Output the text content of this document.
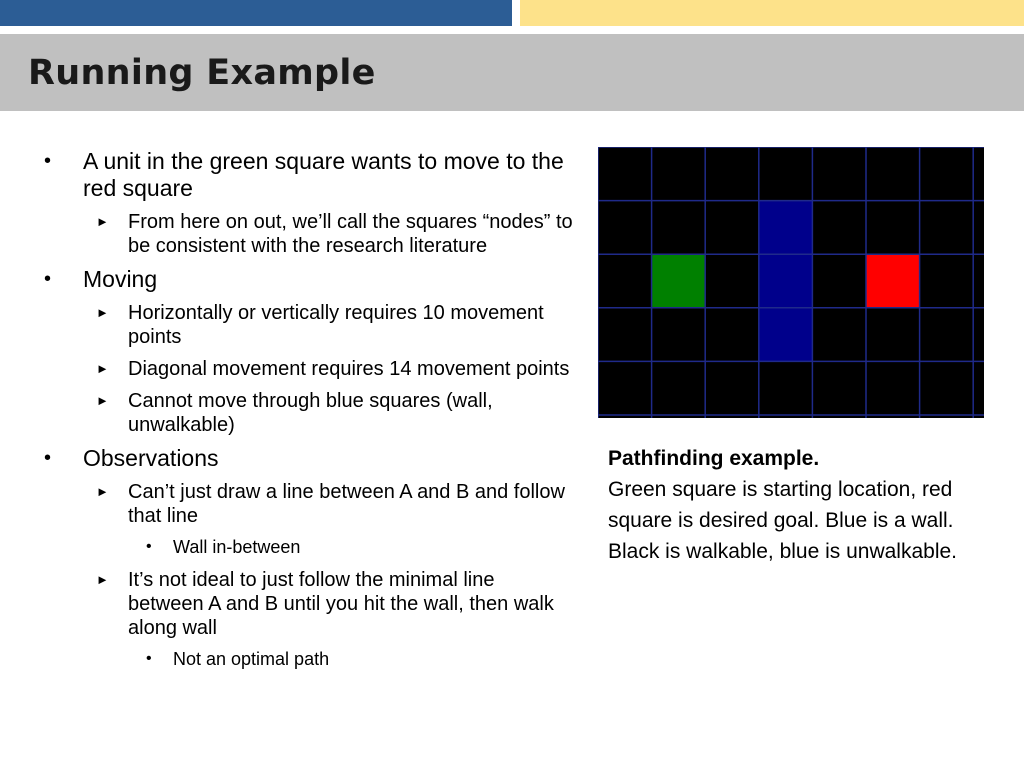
Running Example
• A unit in the green square wants to move to the red square
► From here on out, we’ll call the squares “nodes” to be consistent with the research literature
• Moving
► Horizontally or vertically requires 10 movement points
► Diagonal movement requires 14 movement points
► Cannot move through blue squares (wall, unwalkable)
• Observations
► Can’t just draw a line between A and B and follow that line
• Wall in-between
► It’s not ideal to just follow the minimal line between A and B until you hit the wall, then walk along wall
• Not an optimal path
Pathfinding example.
Green square is starting location, red square is desired goal. Blue is a wall. Black is walkable, blue is unwalkable.
